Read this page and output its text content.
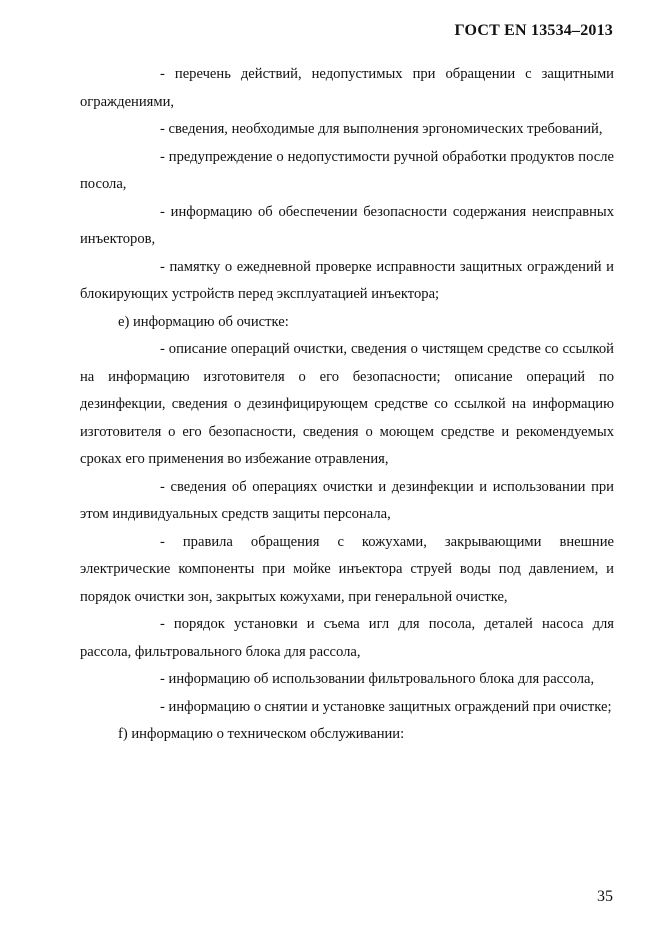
ГОСТ EN 13534–2013

- перечень действий, недопустимых при обращении с защитными ограждениями,

- сведения, необходимые для выполнения эргономических требований,

- предупреждение о недопустимости ручной обработки продуктов после посола,

- информацию об обеспечении безопасности содержания неисправных инъекторов,

- памятку о ежедневной проверке исправности защитных ограждений и блокирующих устройств перед эксплуатацией инъектора;

e) информацию об очистке:

- описание операций очистки, сведения о чистящем средстве со ссылкой на информацию изготовителя о его безопасности; описание операций по дезинфекции, сведения о дезинфицирующем средстве со ссылкой на информацию изготовителя о его безопасности, сведения о моющем средстве и рекомендуемых сроках его применения во избежание отравления,

- сведения об операциях очистки и дезинфекции и использовании при этом индивидуальных средств защиты персонала,

- правила обращения с кожухами, закрывающими внешние электрические компоненты при мойке инъектора струей воды под давлением, и порядок очистки зон, закрытых кожухами, при генеральной очистке,

- порядок установки и съема игл для посола, деталей насоса для рассола, фильтровального блока для рассола,

- информацию об использовании фильтровального блока для рассола,

- информацию о снятии и установке защитных ограждений при очистке;

f) информацию о техническом обслуживании:

35
